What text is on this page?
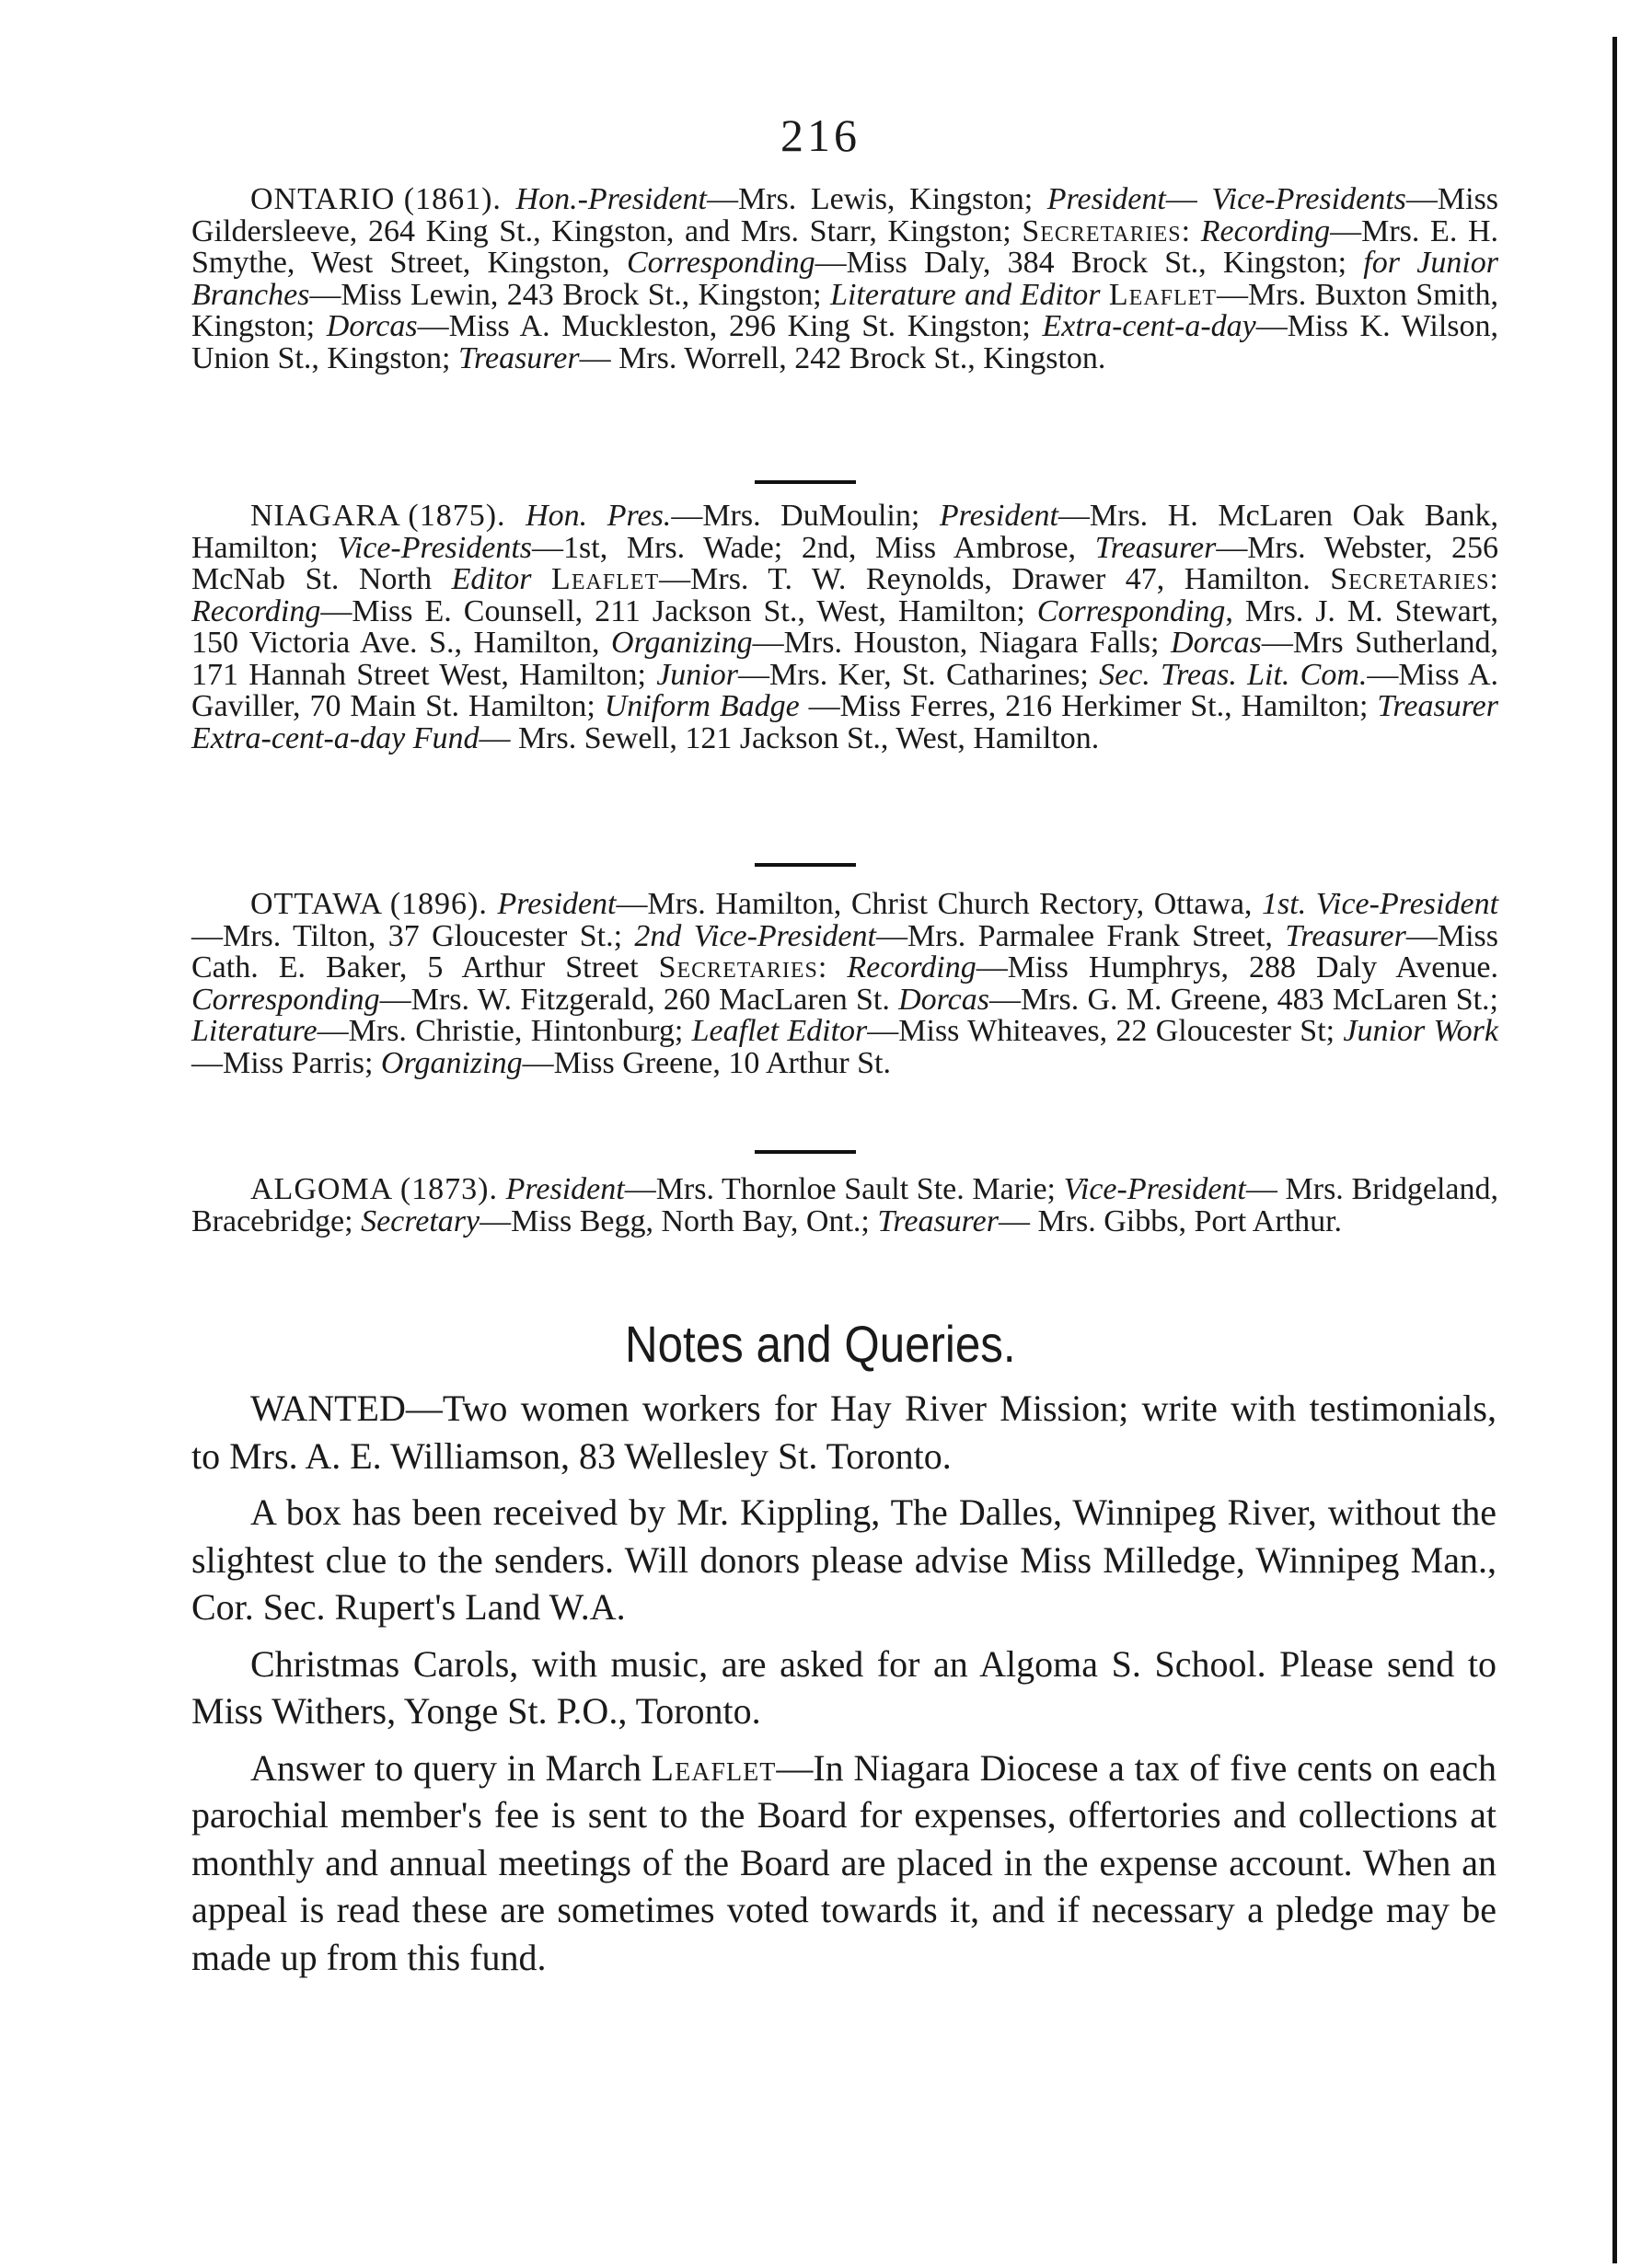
216
ONTARIO (1861). Hon.-President—Mrs. Lewis, Kingston; President— Vice-Presidents—Miss Gildersleeve, 264 King St., Kingston, and Mrs. Starr, Kingston; Secretaries: Recording—Mrs. E. H. Smythe, West Street, Kingston, Corresponding—Miss Daly, 384 Brock St., Kingston; for Junior Branches—Miss Lewin, 243 Brock St., Kingston; Literature and Editor Leaflet—Mrs. Buxton Smith, Kingston; Dorcas—Miss A. Muckleston, 296 King St. Kingston; Extra-cent-a-day—Miss K. Wilson, Union St., Kingston; Treasurer— Mrs. Worrell, 242 Brock St., Kingston.
NIAGARA (1875). Hon. Pres.—Mrs. DuMoulin; President—Mrs. H. McLaren Oak Bank, Hamilton; Vice-Presidents—1st, Mrs. Wade; 2nd, Miss Ambrose, Treasurer—Mrs. Webster, 256 McNab St. North Editor Leaflet—Mrs. T. W. Reynolds, Drawer 47, Hamilton. Secretaries: Recording—Miss E. Counsell, 211 Jackson St., West, Hamilton; Corresponding, Mrs. J. M. Stewart, 150 Victoria Ave. S., Hamilton, Organizing—Mrs. Houston, Niagara Falls; Dorcas—Mrs Sutherland, 171 Hannah Street West, Hamilton; Junior—Mrs. Ker, St. Catharines; Sec. Treas. Lit. Com.—Miss A. Gaviller, 70 Main St. Hamilton; Uniform Badge —Miss Ferres, 216 Herkimer St., Hamilton; Treasurer Extra-cent-a-day Fund— Mrs. Sewell, 121 Jackson St., West, Hamilton.
OTTAWA (1896). President—Mrs. Hamilton, Christ Church Rectory, Ottawa, 1st. Vice-President—Mrs. Tilton, 37 Gloucester St.; 2nd Vice-President—Mrs. Parmalee Frank Street, Treasurer—Miss Cath. E. Baker, 5 Arthur Street Secretaries: Recording—Miss Humphrys, 288 Daly Avenue. Corresponding—Mrs. W. Fitzgerald, 260 MacLaren St. Dorcas—Mrs. G. M. Greene, 483 McLaren St.; Literature—Mrs. Christie, Hintonburg; Leaflet Editor—Miss Whiteaves, 22 Gloucester St; Junior Work—Miss Parris; Organizing—Miss Greene, 10 Arthur St.
ALGOMA (1873). President—Mrs. Thornloe Sault Ste. Marie; Vice-President— Mrs. Bridgeland, Bracebridge; Secretary—Miss Begg, North Bay, Ont.; Treasurer— Mrs. Gibbs, Port Arthur.
Notes and Queries.

WANTED—Two women workers for Hay River Mission; write with testimonials, to Mrs. A. E. Williamson, 83 Wellesley St. Toronto.

A box has been received by Mr. Kippling, The Dalles, Winnipeg River, without the slightest clue to the senders. Will donors please advise Miss Milledge, Winnipeg Man., Cor. Sec. Rupert's Land W.A.

Christmas Carols, with music, are asked for an Algoma S. School. Please send to Miss Withers, Yonge St. P.O., Toronto.

Answer to query in March Leaflet—In Niagara Diocese a tax of five cents on each parochial member's fee is sent to the Board for expenses, offertories and collections at monthly and annual meetings of the Board are placed in the expense account. When an appeal is read these are sometimes voted towards it, and if necessary a pledge may be made up from this fund.
